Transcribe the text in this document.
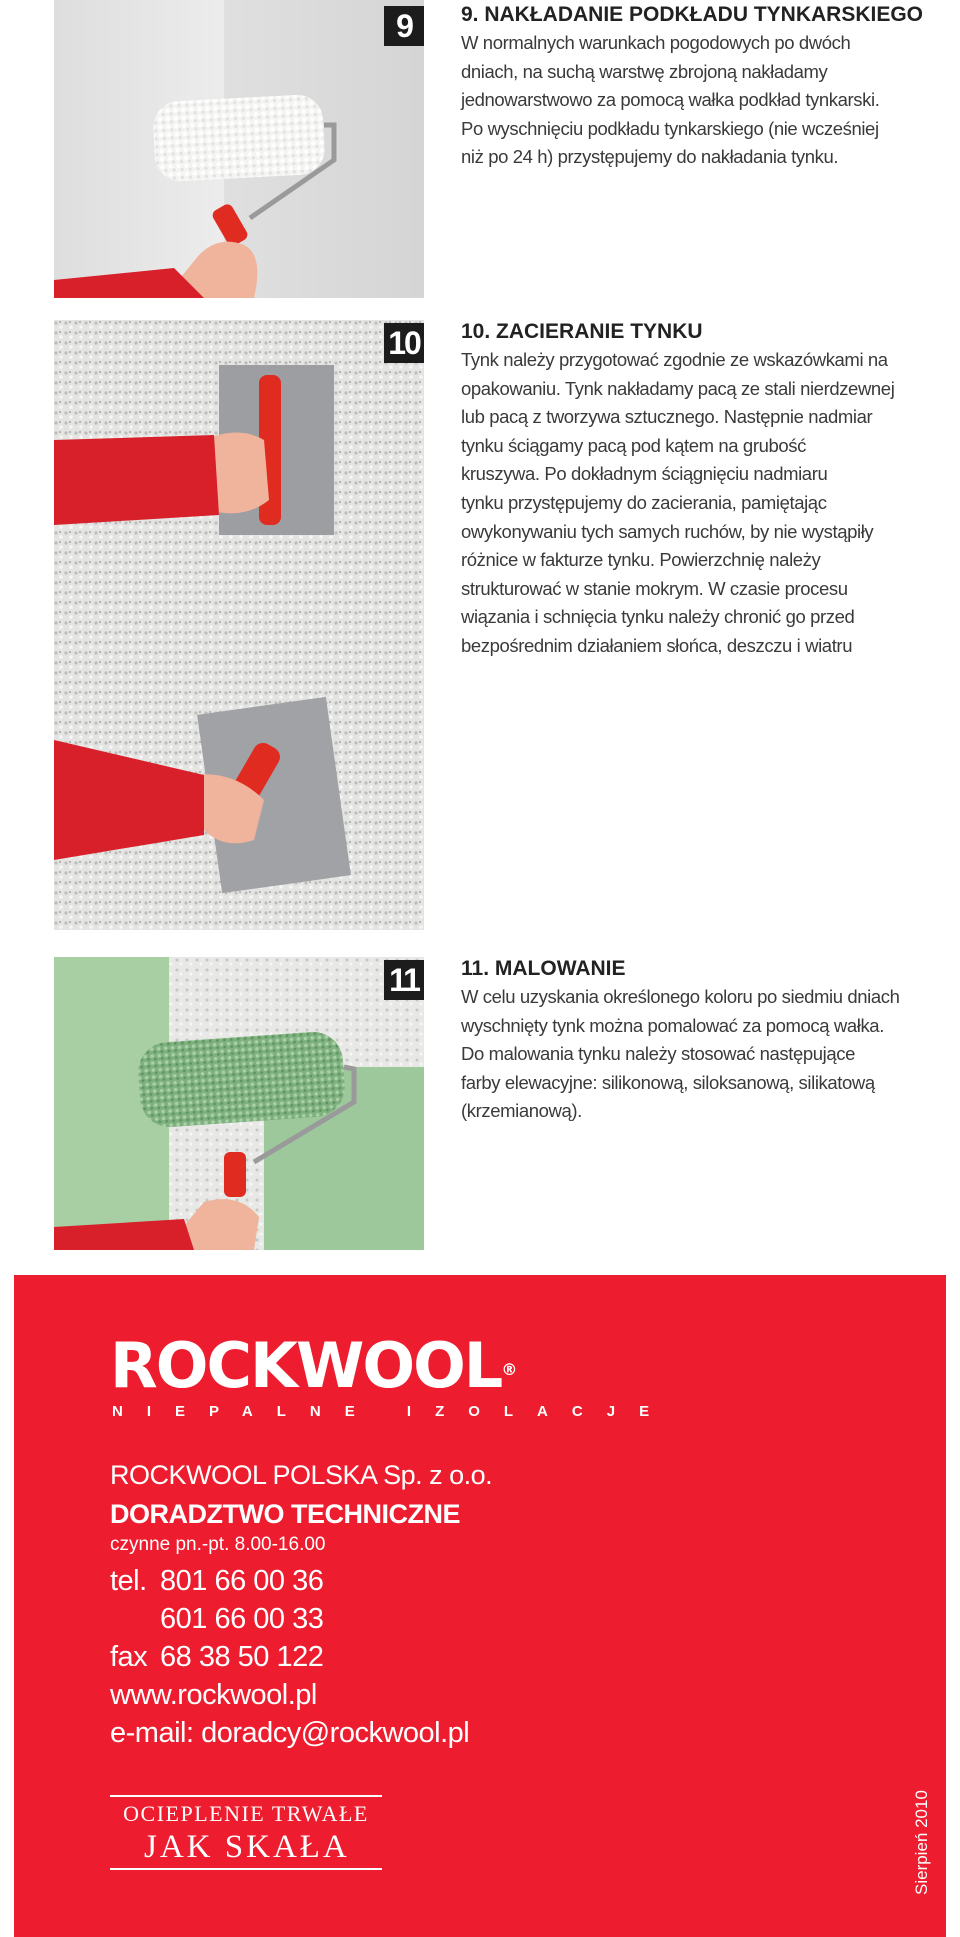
9	9. NAKŁADANIE PODKŁADU TYNKARSKIEGO

W normalnych warunkach pogodowych po dwóch
dniach, na suchą warstwę zbrojoną nakładamy
jednowarstwowo za pomocą wałka podkład tynkarski.
Po wyschnięciu podkładu tynkarskiego (nie wcześniej
niż po 24 h) przystępujemy do nakładania tynku.

10 10. ZACIERANIE TYNKU

Tynk należy przygotować zgodnie ze wskazówkami na
opakowaniu. Tynk nakładamy pacą ze stali nierdzewnej
lub pacą z tworzywa sztucznego. Następnie nadmiar
tynku ściągamy pacą pod kątem na grubość
kruszywa. Po dokładnym ściągnięciu nadmiaru
tynku przystępujemy do zacierania, pamiętając
owykonywaniu tych samych ruchów, by nie wystąpiły
różnice w fakturze tynku. Powierzchnię należy
strukturować w stanie mokrym. W czasie procesu
wiązania i schnięcia tynku należy chronić go przed
bezpośrednim działaniem słońca, deszczu i wiatru

11 11. MALOWANIE

W celu uzyskania określonego koloru po siedmiu dniach
wyschnięty tynk można pomalować za pomocą wałka.
Do malowania tynku należy stosować następujące
farby elewacyjne: silikonową, siloksanową, silikatową
(krzemianową).

ROCKWOOL®
NIEPALNE IZOLACJE
ROCKWOOL POLSKA Sp. z o.o.
DORADZTWO TECHNICZNE
czynne pn.-pt. 8.00-16.00
tel. 801 66 00 36
601 66 00 33
fax 68 38 50 122
www.rockwool.pl
e-mail: doradcy@rockwool.pl
OCIEPLENIE TRWAŁE
JAK SKAŁA	Sierpień 2010
